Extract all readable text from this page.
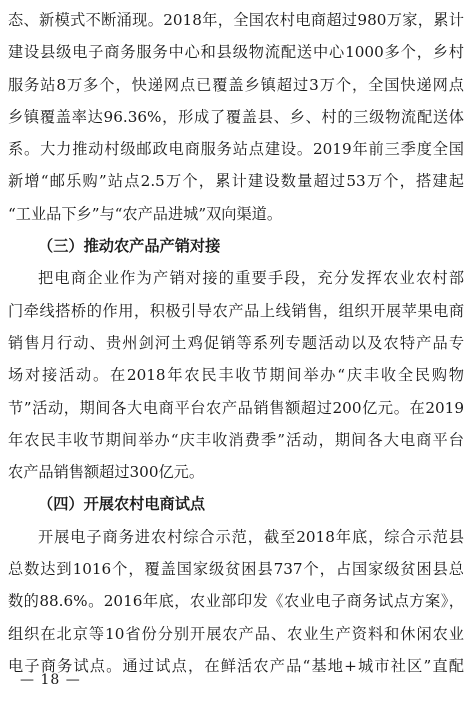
态、新模式不断涌现。2018年，全国农村电商超过980万家，累计
建设县级电子商务服务中心和县级物流配送中心1000多个，乡村
服务站8万多个，快递网点已覆盖乡镇超过3万个，全国快递网点
乡镇覆盖率达96.36%，形成了覆盖县、乡、村的三级物流配送体
系。大力推动村级邮政电商服务站点建设。2019年前三季度全国
新增“邮乐购”站点2.5万个，累计建设数量超过53万个，搭建起
“工业品下乡”与“农产品进城”双向渠道。
（三）推动农产品产销对接
把电商企业作为产销对接的重要手段，充分发挥农业农村部
门牵线搭桥的作用，积极引导农产品上线销售，组织开展苹果电商
销售月行动、贵州剑河土鸡促销等系列专题活动以及农特产品专
场对接活动。在2018年农民丰收节期间举办“庆丰收全民购物
节”活动，期间各大电商平台农产品销售额超过200亿元。在2019
年农民丰收节期间举办“庆丰收消费季”活动，期间各大电商平台
农产品销售额超过300亿元。
（四）开展农村电商试点
开展电子商务进农村综合示范，截至2018年底，综合示范县
总数达到1016个，覆盖国家级贫困县737个，占国家级贫困县总
数的88.6%。2016年底，农业部印发《农业电子商务试点方案》，
组织在北京等10省份分别开展农产品、农业生产资料和休闲农业
电子商务试点。通过试点，在鲜活农产品“基地+城市社区”直配
— 18 —
